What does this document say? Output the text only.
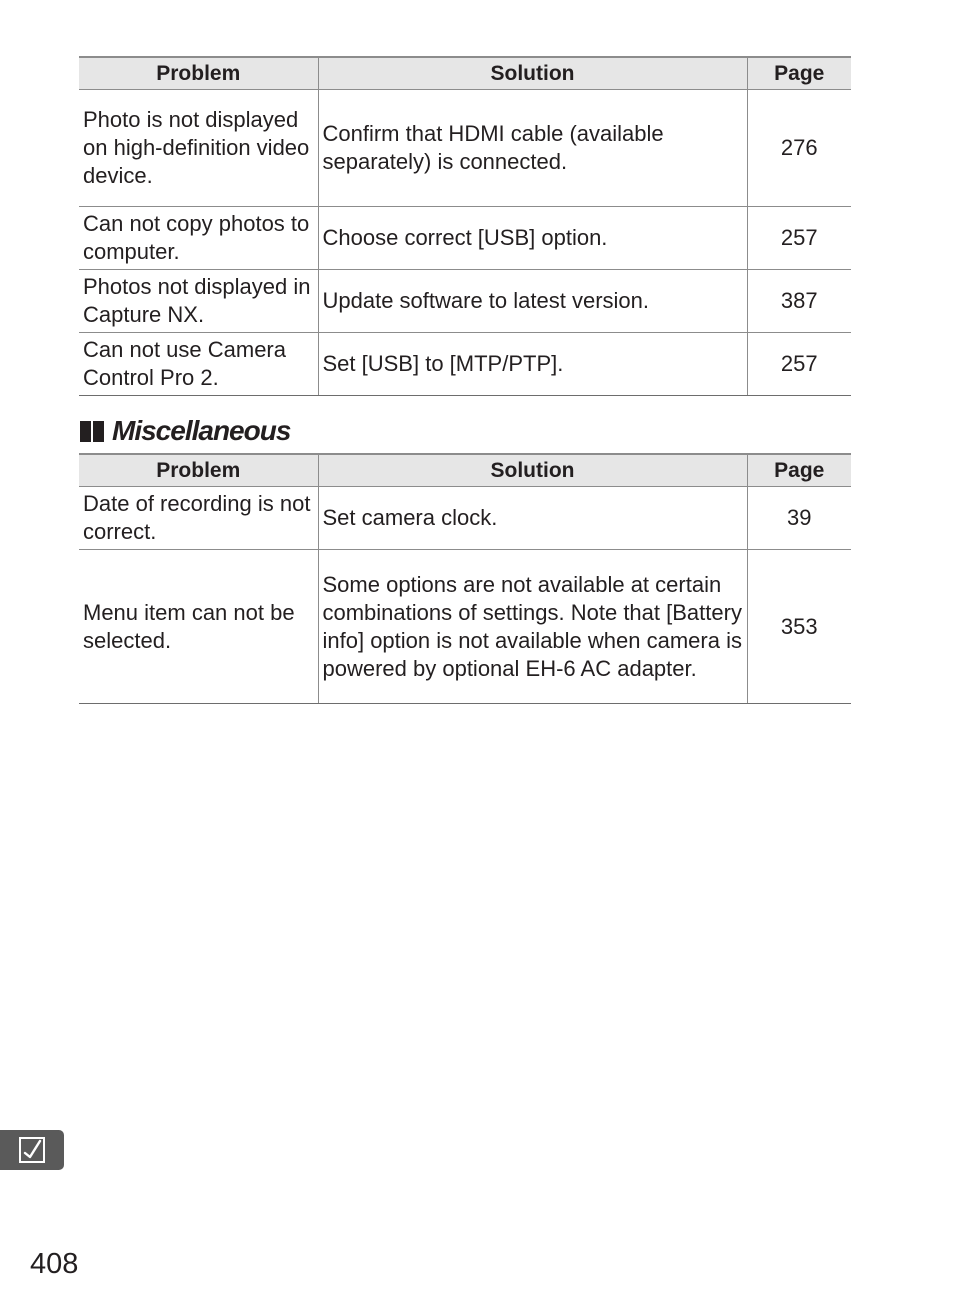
Problem	Solution	Page
Photo is not displayed on high-definition video device.	Confirm that HDMI cable (available separately) is connected.	276
Can not copy photos to computer.	Choose correct [USB] option.	257
Photos not displayed in Capture NX.	Update software to latest version.	387
Can not use Camera Control Pro 2.	Set [USB] to [MTP/PTP].	257
Miscellaneous
Problem	Solution	Page
Date of recording is not correct.	Set camera clock.	39
Menu item can not be selected.	Some options are not available at certain combinations of settings. Note that [Battery info] option is not available when camera is powered by optional EH-6 AC adapter.	353
408
